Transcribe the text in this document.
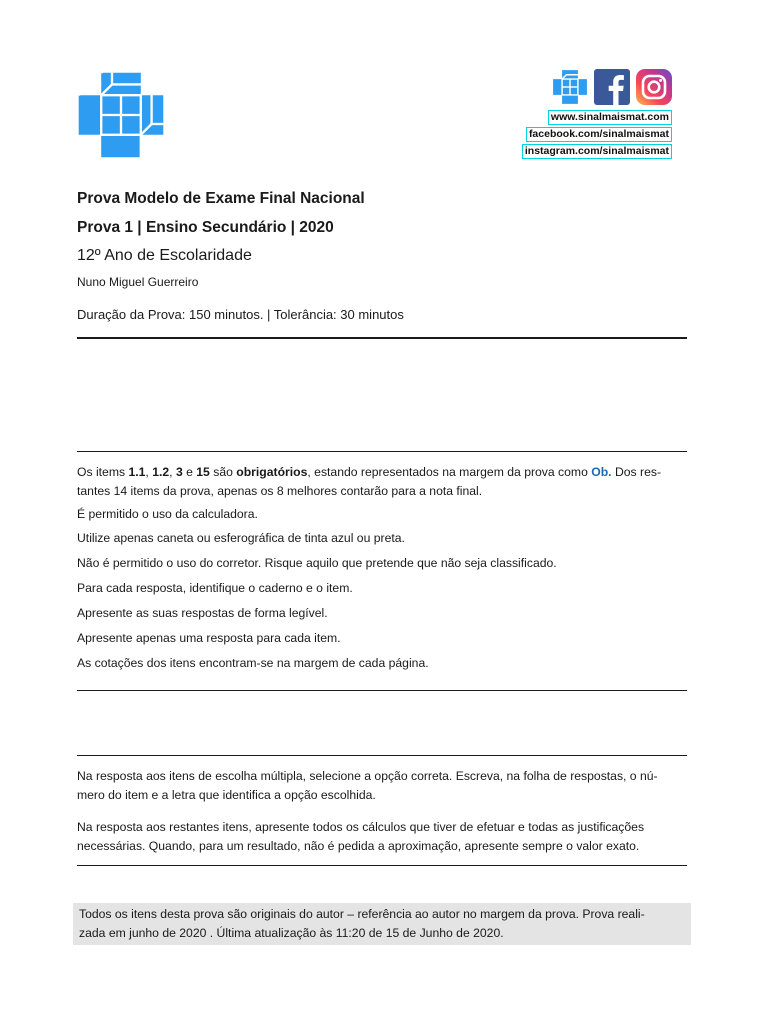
www.sinalmaismat.com
facebook.com/sinalmaismat
instagram.com/sinalmaismat
Prova Modelo de Exame Final Nacional
Prova 1 | Ensino Secundário | 2020
12º Ano de Escolaridade
Nuno Miguel Guerreiro
Duração da Prova: 150 minutos. | Tolerância: 30 minutos
Os items 1.1, 1.2, 3 e 15 são obrigatórios, estando representados na margem da prova como Ob. Dos res-
tantes 14 items da prova, apenas os 8 melhores contarão para a nota final.
É permitido o uso da calculadora.
Utilize apenas caneta ou esferográfica de tinta azul ou preta.
Não é permitido o uso do corretor. Risque aquilo que pretende que não seja classificado.
Para cada resposta, identifique o caderno e o item.
Apresente as suas respostas de forma legível.
Apresente apenas uma resposta para cada item.
As cotações dos itens encontram-se na margem de cada página.
Na resposta aos itens de escolha múltipla, selecione a opção correta. Escreva, na folha de respostas, o nú-
mero do item e a letra que identifica a opção escolhida.
Na resposta aos restantes itens, apresente todos os cálculos que tiver de efetuar e todas as justificações
necessárias. Quando, para um resultado, não é pedida a aproximação, apresente sempre o valor exato.
Todos os itens desta prova são originais do autor – referência ao autor no margem da prova. Prova reali-
zada em junho de 2020 . Última atualização às 11:20 de 15 de Junho de 2020.
